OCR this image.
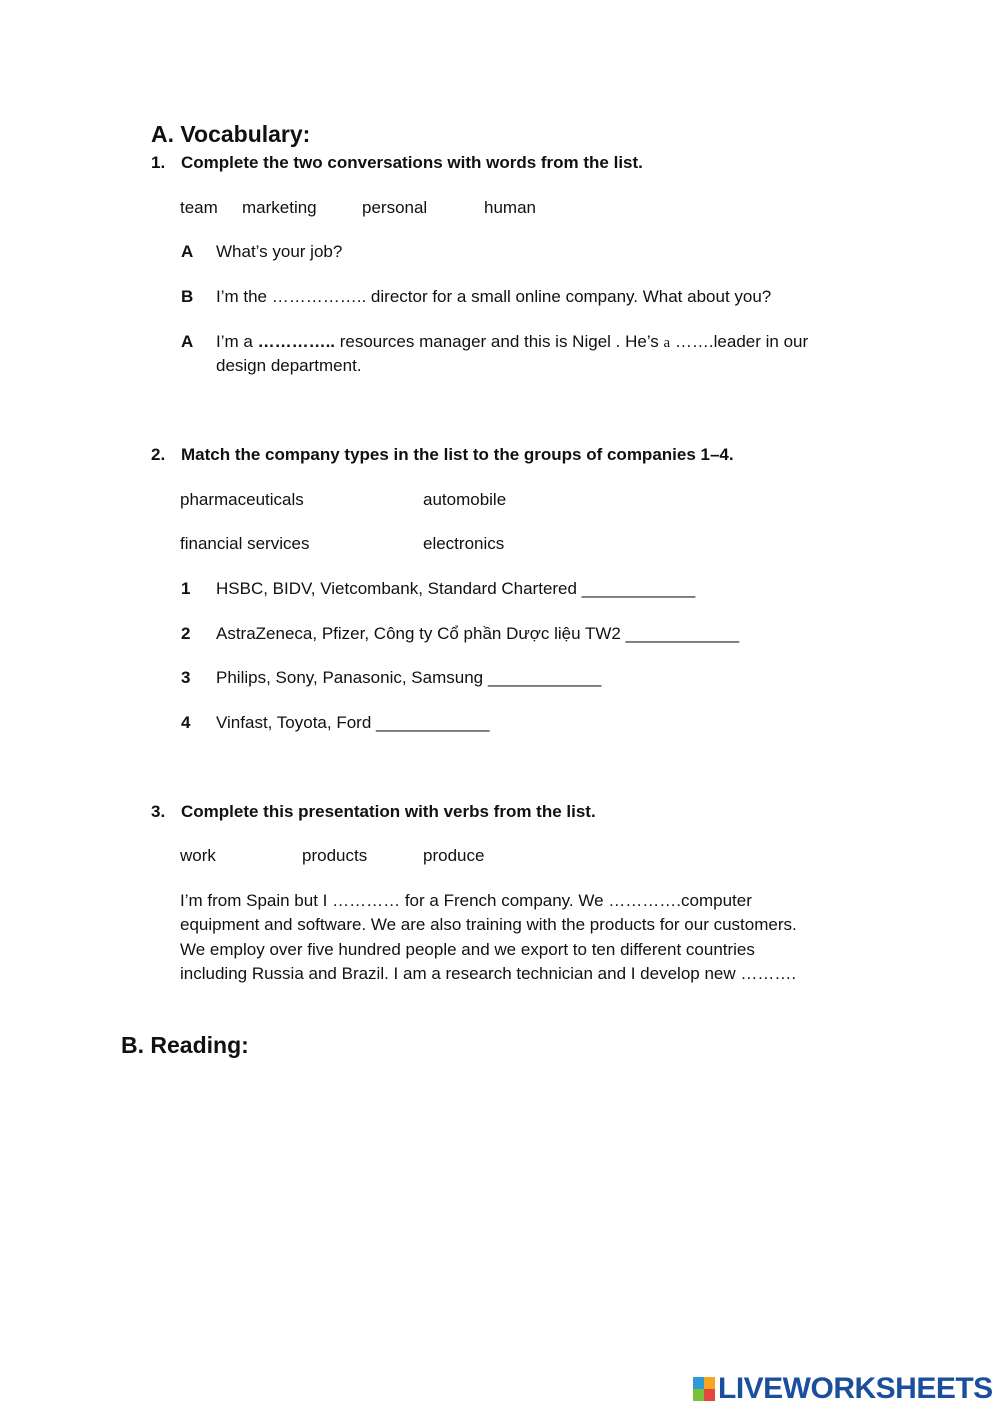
A. Vocabulary:
1. Complete the two conversations with words from the list.
team marketing	personal	human
A What’s your job?
B I’m the …………….. director for a small online company. What about you?
A I’m a ………….. resources manager and this is Nigel . He’s a …….leader in our
design department.
2. Match the company types in the list to the groups of companies 1–4.
pharmaceuticals	automobile
financial services	electronics
1 HSBC, BIDV, Vietcombank, Standard Chartered ____________
2 AstraZeneca, Pfizer, Công ty Cổ phần Dược liệu TW2 ____________
3 Philips, Sony, Panasonic, Samsung ____________
4 Vinfast, Toyota, Ford ____________
3. Complete this presentation with verbs from the list.
work	products	produce
I’m from Spain but I ………… for a French company. We ………….computer
equipment and software. We are also training with the products for our customers.
We employ over five hundred people and we export to ten different countries
including Russia and Brazil. I am a research technician and I develop new ……….
B. Reading:
LIVEWORKSHEETS
